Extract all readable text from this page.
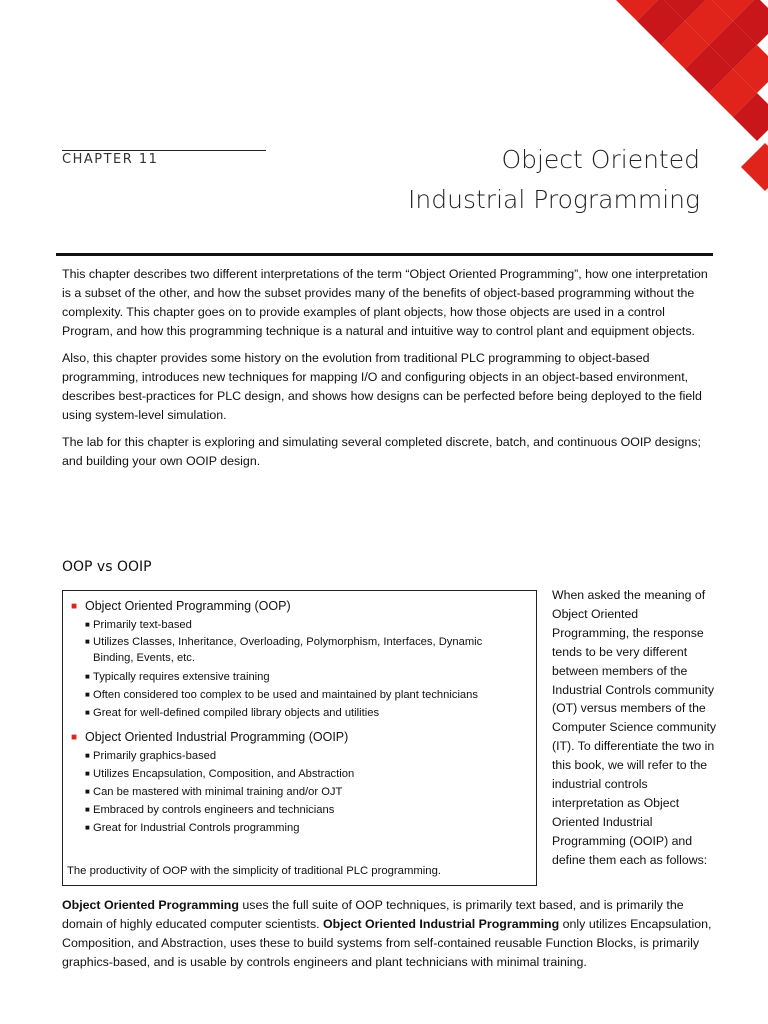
CHAPTER 11	Object Oriented
Industrial Programming

This chapter describes two different interpretations of the term “Object Oriented Programming”, how one interpretation is a subset of the other, and how the subset provides many of the benefits of object-based programming without the complexity. This chapter goes on to provide examples of plant objects, how those objects are used in a control Program, and how this programming technique is a natural and intuitive way to control plant and equipment objects.

Also, this chapter provides some history on the evolution from traditional PLC programming to object-based programming, introduces new techniques for mapping I/O and configuring objects in an object-based environment, describes best-practices for PLC design, and shows how designs can be perfected before being deployed to the field using system-level simulation.

The lab for this chapter is exploring and simulating several completed discrete, batch, and continuous OOIP designs; and building your own OOIP design.

OOP vs OOIP
■ Object Oriented Programming (OOP)
■ Primarily text-based
■ Utilizes Classes, Inheritance, Overloading, Polymorphism, Interfaces, Dynamic Binding, Events, etc.
■ Typically requires extensive training
■ Often considered too complex to be used and maintained by plant technicians
■ Great for well-defined compiled library objects and utilities
■ Object Oriented Industrial Programming (OOIP)
■ Primarily graphics-based
■ Utilizes Encapsulation, Composition, and Abstraction
■ Can be mastered with minimal training and/or OJT
■ Embraced by controls engineers and technicians
■ Great for Industrial Controls programming
The productivity of OOP with the simplicity of traditional PLC programming.
When asked the meaning of Object Oriented Programming, the response tends to be very different between members of the Industrial Controls community (OT) versus members of the Computer Science community (IT). To differentiate the two in this book, we will refer to the industrial controls interpretation as Object Oriented Industrial Programming (OOIP) and define them each as follows:
Object Oriented Programming uses the full suite of OOP techniques, is primarily text based, and is primarily the domain of highly educated computer scientists. Object Oriented Industrial Programming only utilizes Encapsulation, Composition, and Abstraction, uses these to build systems from self-contained reusable Function Blocks, is primarily graphics-based, and is usable by controls engineers and plant technicians with minimal training.
